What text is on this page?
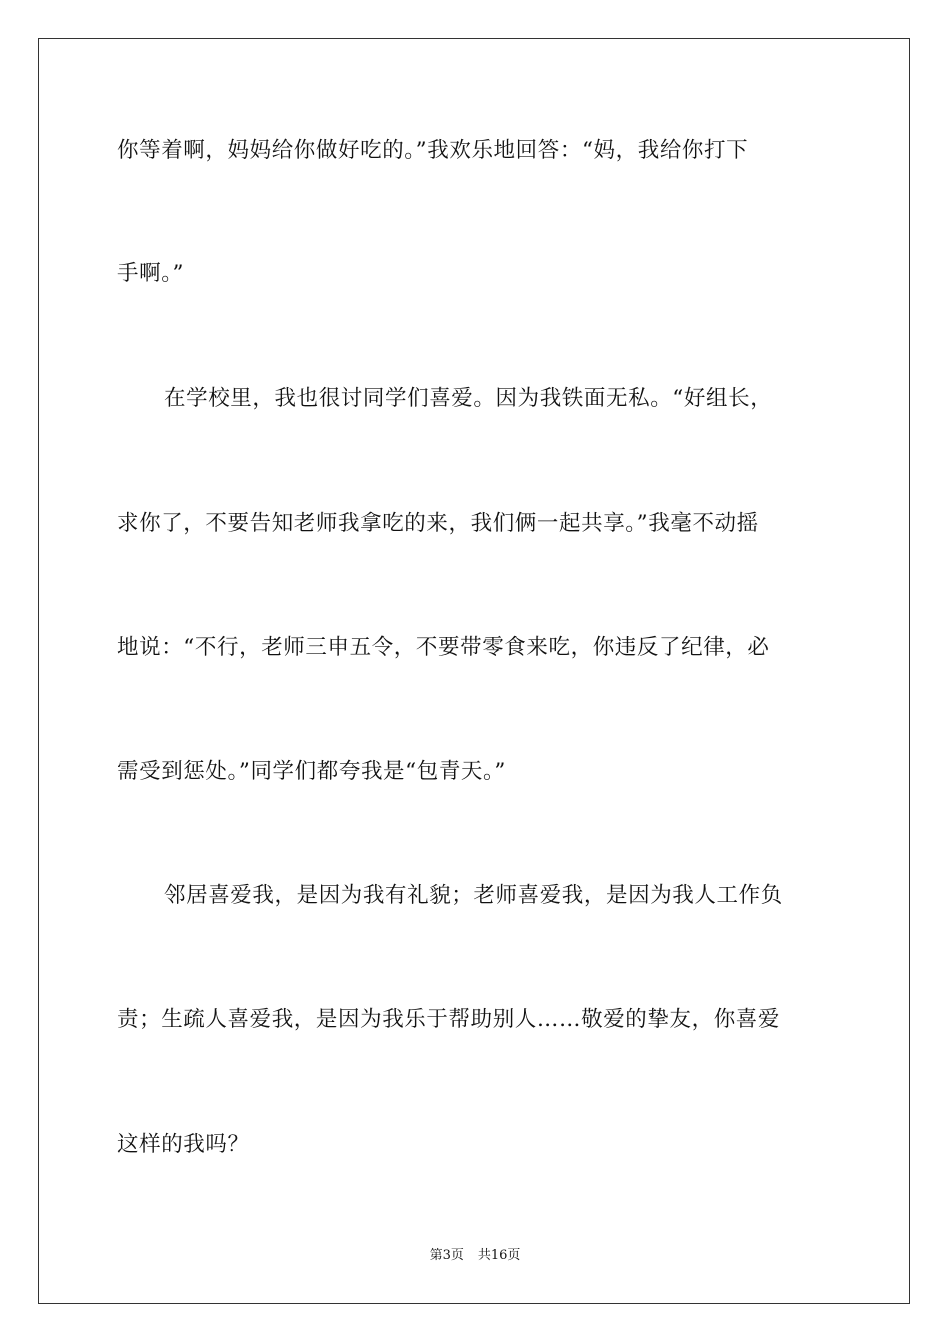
你等着啊，妈妈给你做好吃的。”我欢乐地回答：“妈，我给你打下
手啊。”
在学校里，我也很讨同学们喜爱。因为我铁面无私。“好组长，
求你了，不要告知老师我拿吃的来，我们俩一起共享。”我毫不动摇
地说：“不行，老师三申五令，不要带零食来吃，你违反了纪律，必
需受到惩处。”同学们都夸我是“包青天。”
邻居喜爱我，是因为我有礼貌；老师喜爱我，是因为我人工作负
责；生疏人喜爱我，是因为我乐于帮助别人……敬爱的挚友，你喜爱
这样的我吗？
第3页 共16页
